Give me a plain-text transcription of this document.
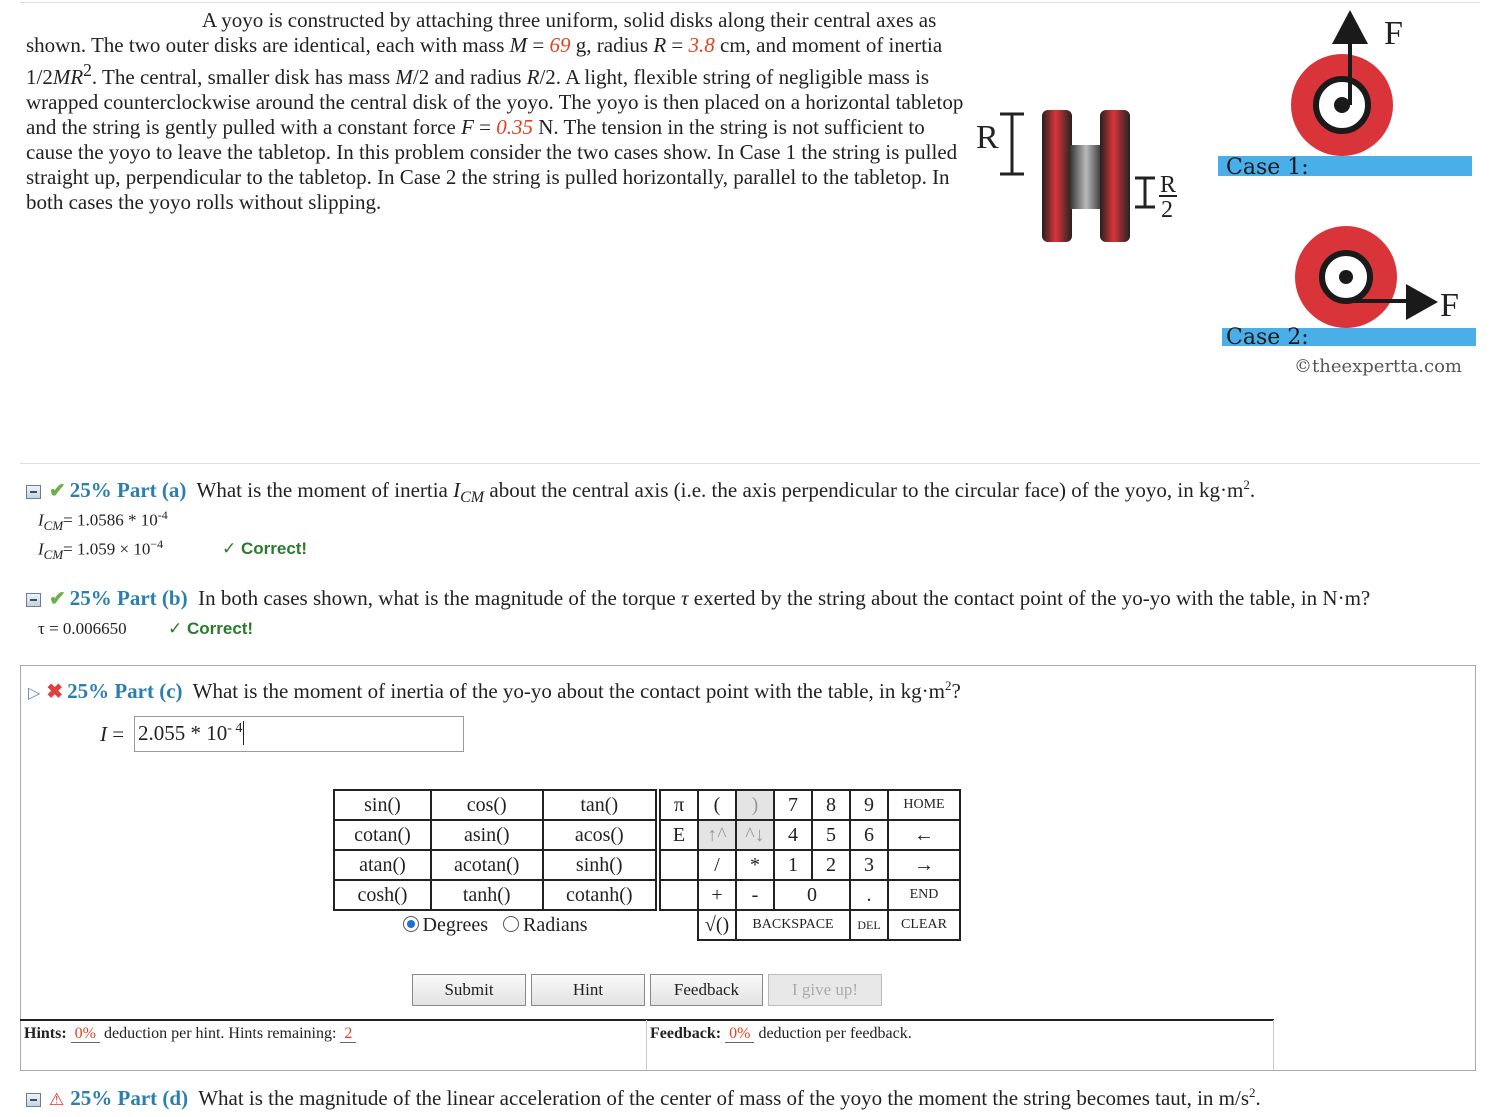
A yoyo is constructed by attaching three uniform, solid disks along their central axes as shown. The two outer disks are identical, each with mass M = 69 g, radius R = 3.8 cm, and moment of inertia $1/2MR^2$. The central, smaller disk has mass M/2 and radius R/2. A light, flexible string of negligible mass is wrapped counterclockwise around the central disk of the yoyo. The yoyo is then placed on a horizontal tabletop and the string is gently pulled with a constant force F = 0.35 N. The tension in the string is not sufficient to cause the yoyo to leave the tabletop. In this problem consider the two cases show. In Case 1 the string is pulled straight up, perpendicular to the tabletop. In Case 2 the string is pulled horizontally, parallel to the tabletop. In both cases the yoyo rolls without slipping.
R
R
2
Case 1:
F
Case 2:
F
©theexpertta.com
✔ 25% Part (a) What is the moment of inertia $I_{CM}$ about the central axis (i.e. the axis perpendicular to the circular face) of the yoyo, in $kg\cdot m^2$.
$I_{CM}= 1.0586 * 10^{-4}$
$I_{CM}= 1.059 \times 10^{-4}$	✓ Correct!
✔ 25% Part (b) In both cases shown, what is the magnitude of the torque τ exerted by the string about the contact point of the yo-yo with the table, in N·m?
τ = 0.006650 ✓ Correct!
▷ ✖ 25% Part (c) What is the moment of inertia of the yo-yo about the contact point with the table, in $kg\cdot m^2$?
$I = 2.055 * 10^{- 4}$
sin()	cos()	tan()
cotan()	asin()	acos()
atan()	acotan()	sinh()
cosh()	tanh()	cotanh()
Degrees Radians		
π	(	)	7	8	9	HOME
E	↑^	^↓	4	5	6	←
	/	*	1	2	3	→
	+	-	0		.	END
	√()	BACKSPACE			DEL	CLEAR
Submit	Hint	Feedback	I give up!
Hints: 0% deduction per hint. Hints remaining: 2	Feedback: 0% deduction per feedback.
⚠ 25% Part (d) What is the magnitude of the linear acceleration of the center of mass of the yoyo the moment the string becomes taut, in $m/s^2$.
